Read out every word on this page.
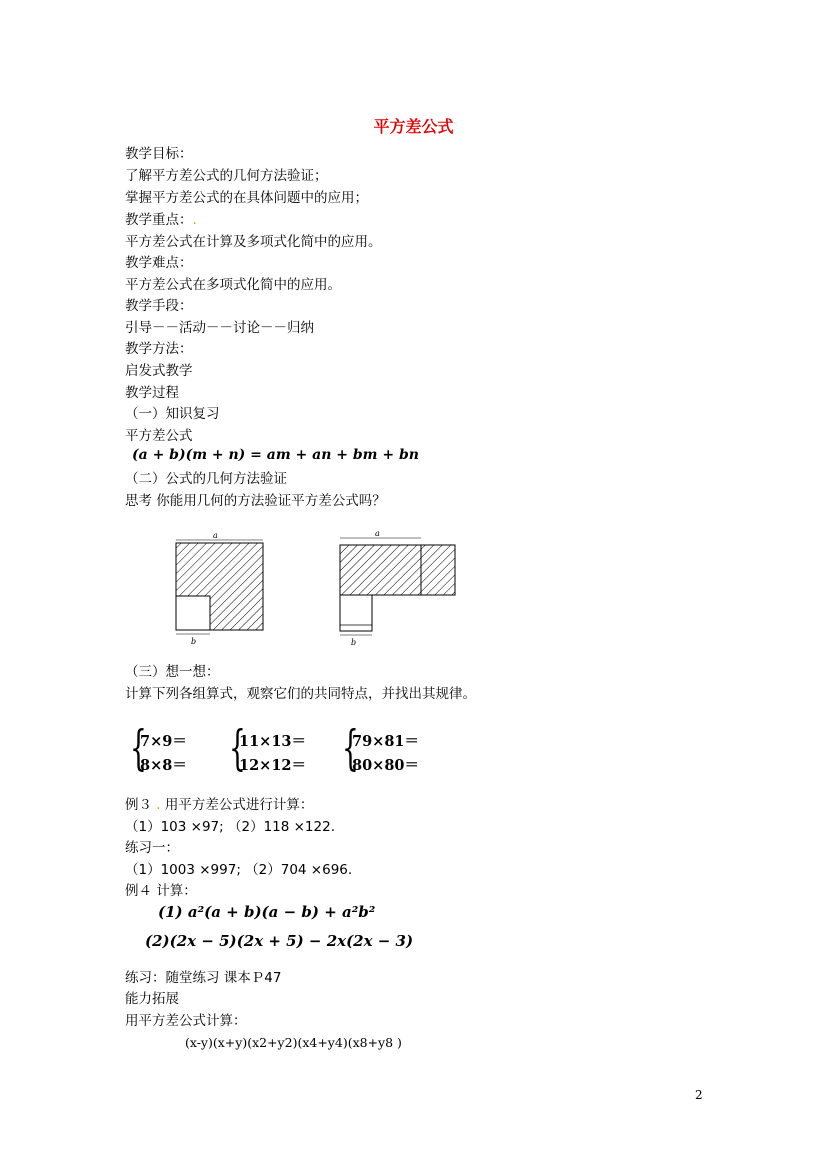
平方差公式
教学目标：
了解平方差公式的几何方法验证；
掌握平方差公式的在具体问题中的应用；
教学重点：.
平方差公式在计算及多项式化简中的应用。
教学难点：
平方差公式在多项式化简中的应用。
教学手段：
引导－－活动－－讨论－－归纳
教学方法：
启发式教学
教学过程
（一）知识复习
平方差公式
(a + b)(m + n) = am + an + bm + bn
（二）公式的几何方法验证
思考 你能用几何的方法验证平方差公式吗？
a
b
a
b
（三）想一想：
计算下列各组算式，观察它们的共同特点，并找出其规律。
{
7×9＝
8×8＝ {
11×13＝
12×12＝ {
79×81＝
80×80＝
例３ . 用平方差公式进行计算：
（1）103 ×97; （2）118 ×122.
练习一：
（1）1003 ×997; （2）704 ×696.
例４ 计算：
(1) a²(a + b)(a − b) + a²b²
(2)(2x − 5)(2x + 5) − 2x(2x − 3)
练习：随堂练习 课本Ｐ47
能力拓展
用平方差公式计算：
(x-y)(x+y)(x2+y2)(x4+y4)(x8+y8 )
2
